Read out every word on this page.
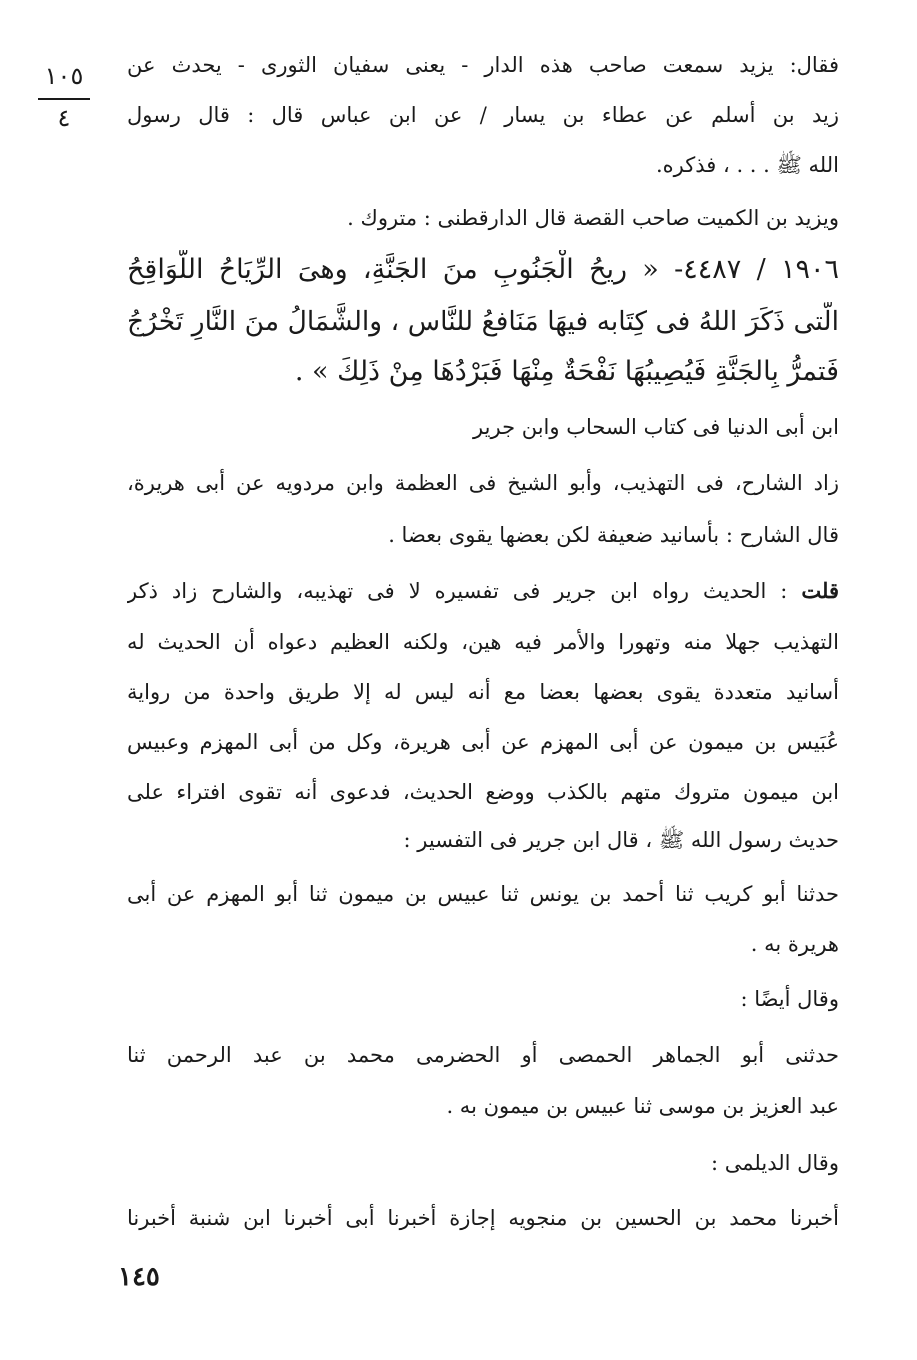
١٠٥
٤
فقال: يزيد سمعت صاحب هذه الدار - يعنى سفيان الثورى - يحدث عن
زيد بن أسلم عن عطاء بن يسار / عن ابن عباس قال : قال رسول
الله ﷺ . . . ، فذكره.
ويزيد بن الكميت صاحب القصة قال الدارقطنى : متروك .
١٩٠٦ / ٤٤٨٧- « ريحُ الْجَنُوبِ منَ الجَنَّةِ، وهىَ الرِّيَاحُ اللَّوَاقِحُ
الَّتى ذَكَرَ اللهُ فى كِتَابه فيهَا مَنَافعُ للنَّاس ، والشَّمَالُ منَ النَّارِ تَخْرُجُ
فَتمرُّ بِالجَنَّةِ فَيُصِيبُهَا نَفْحَةٌ مِنْهَا فَبَرْدُهَا مِنْ ذَلِكَ » .
ابن أبى الدنيا فى كتاب السحاب وابن جرير
زاد الشارح، فى التهذيب، وأبو الشيخ فى العظمة وابن مردويه عن أبى هريرة،
قال الشارح : بأسانيد ضعيفة لكن بعضها يقوى بعضا .
قلت : الحديث رواه ابن جرير فى تفسيره لا فى تهذيبه، والشارح زاد ذكر
التهذيب جهلا منه وتهورا والأمر فيه هين، ولكنه العظيم دعواه أن الحديث له
أسانيد متعددة يقوى بعضها بعضا مع أنه ليس له إلا طريق واحدة من رواية
عُبَيس بن ميمون عن أبى المهزم عن أبى هريرة، وكل من أبى المهزم وعبيس
ابن ميمون متروك متهم بالكذب ووضع الحديث، فدعوى أنه تقوى افتراء على
حديث رسول الله ﷺ ، قال ابن جرير فى التفسير :
حدثنا أبو كريب ثنا أحمد بن يونس ثنا عبيس بن ميمون ثنا أبو المهزم عن أبى
هريرة به .
وقال أيضًا :
حدثنى أبو الجماهر الحمصى أو الحضرمى محمد بن عبد الرحمن ثنا
عبد العزيز بن موسى ثنا عبيس بن ميمون به .
وقال الديلمى :
أخبرنا محمد بن الحسين بن منجويه إجازة أخبرنا أبى أخبرنا ابن شنبة أخبرنا
١٤٥
